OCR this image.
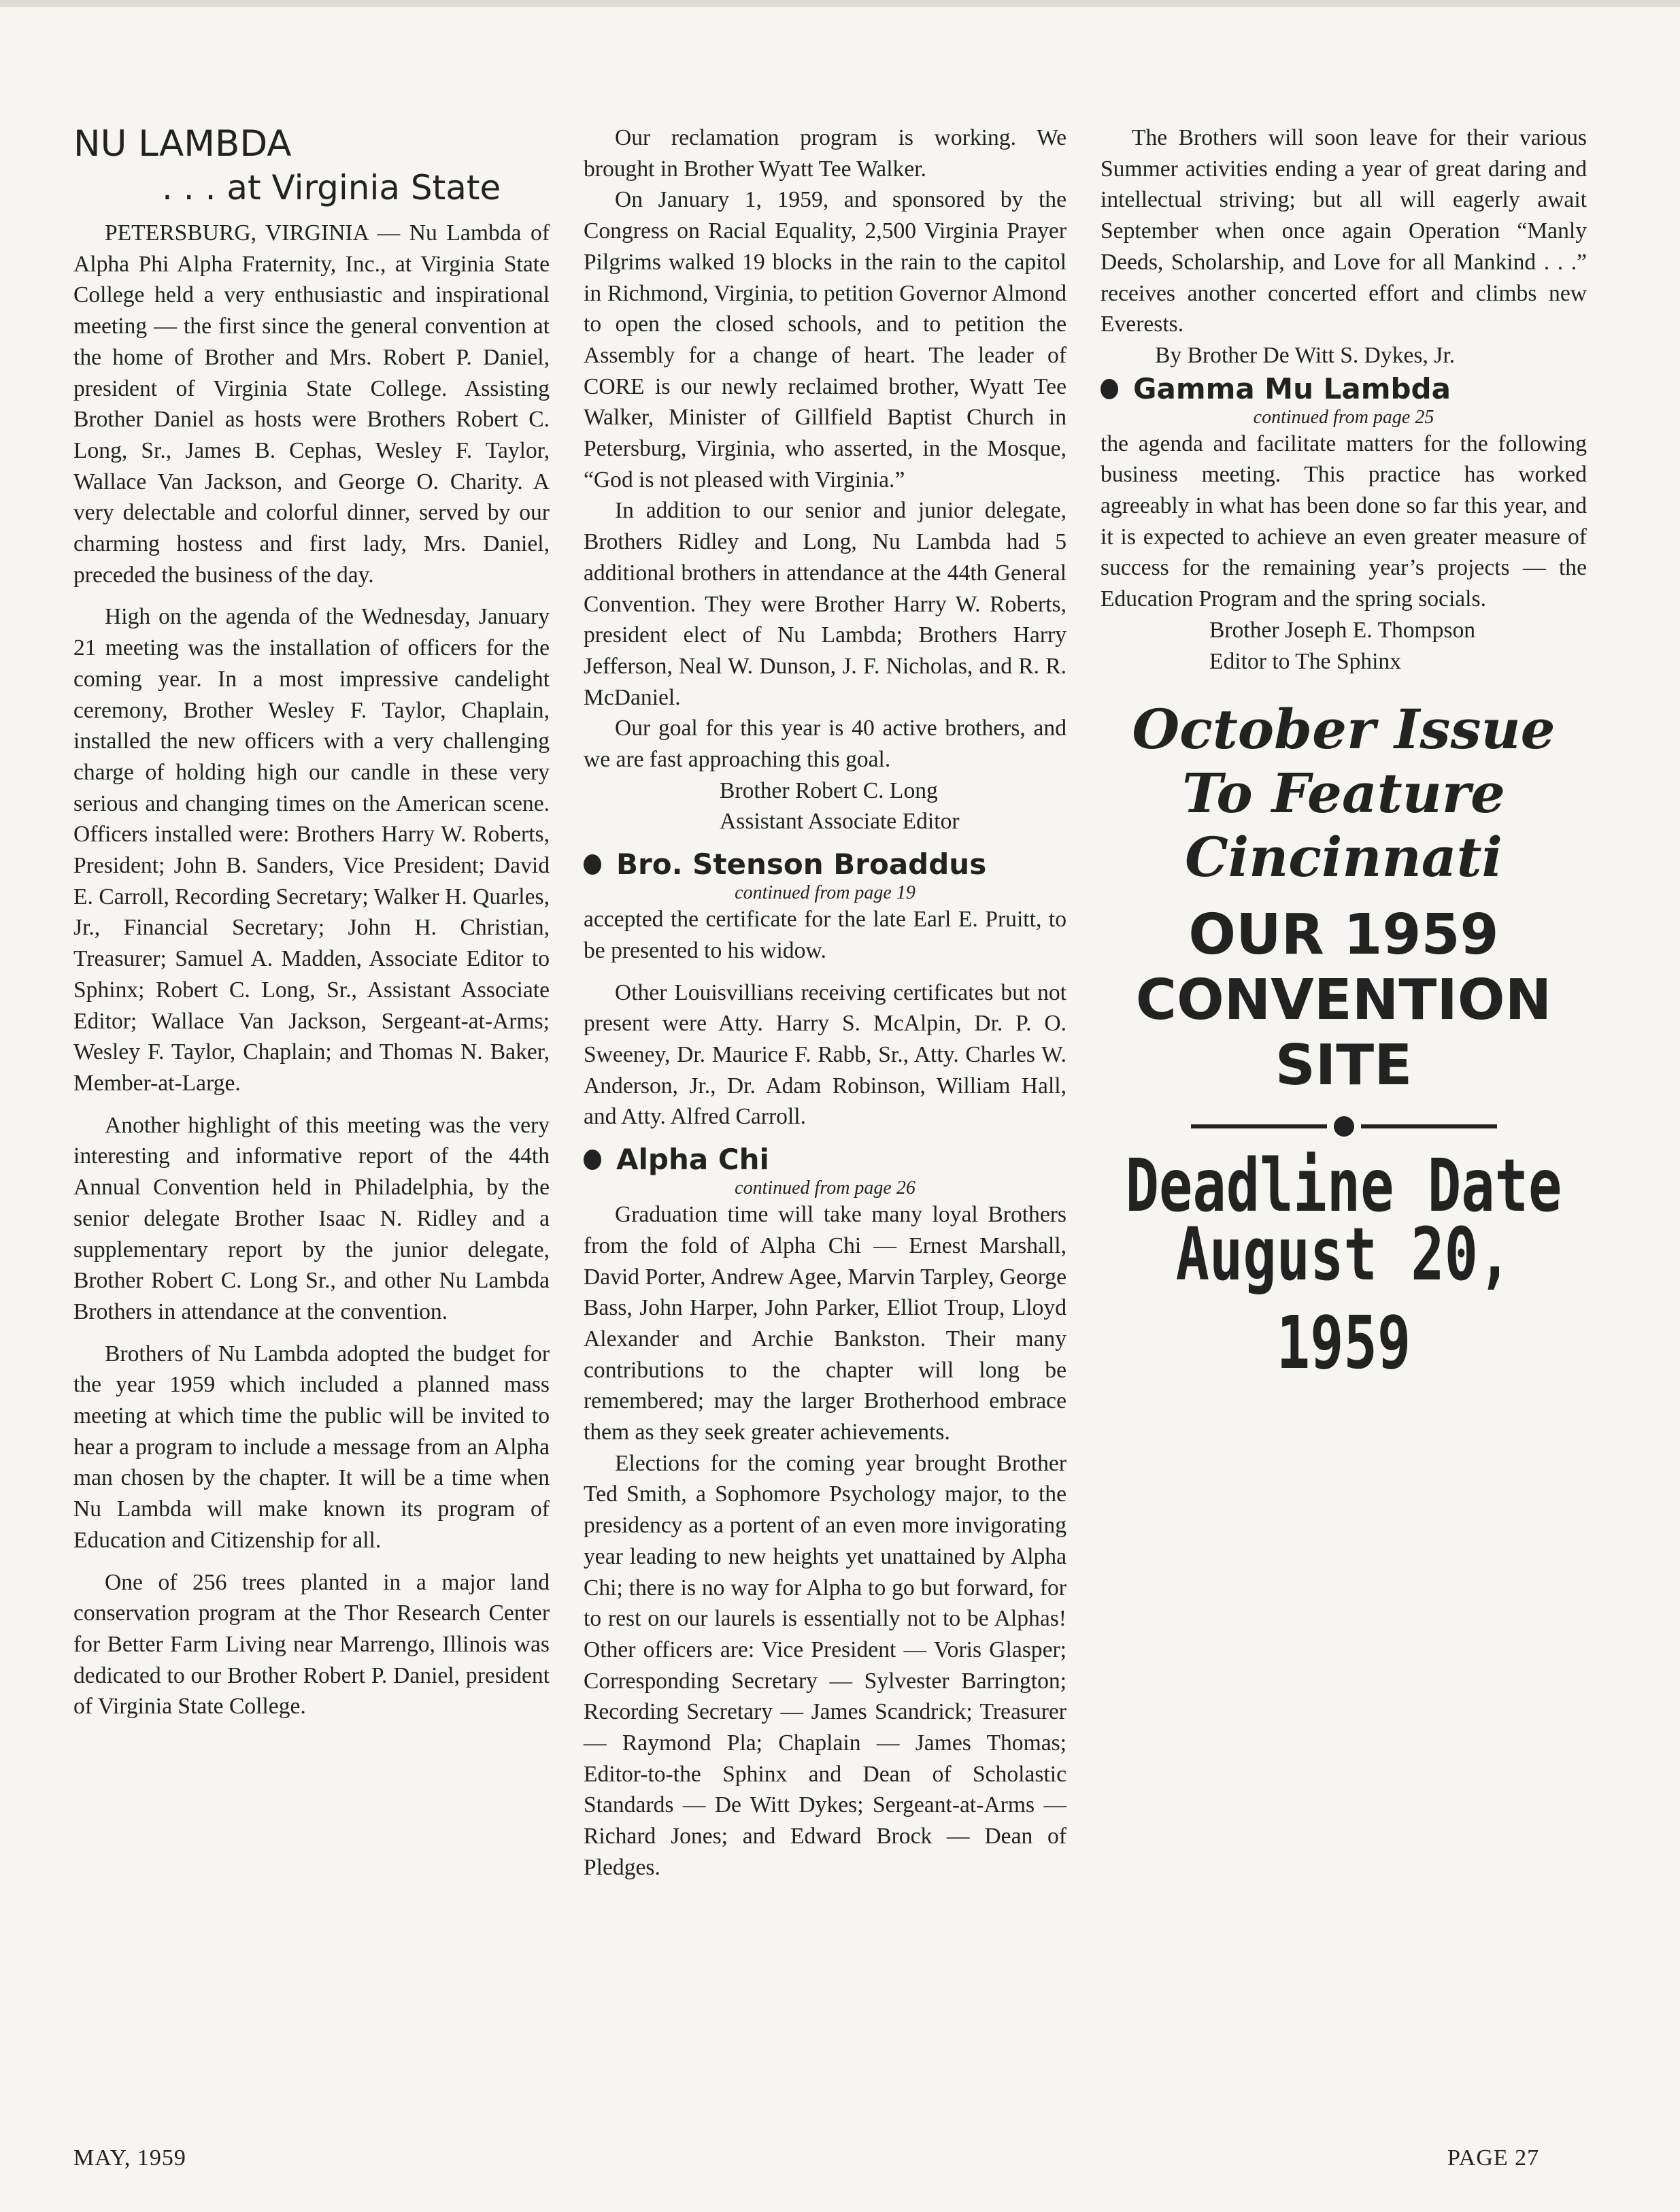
NU LAMBDA

. . . at Virginia State

PETERSBURG, VIRGINIA — Nu Lambda of Alpha Phi Alpha Fraternity, Inc., at Virginia State College held a very enthusiastic and inspirational meeting — the first since the general convention at the home of Brother and Mrs. Robert P. Daniel, president of Virginia State College. Assisting Brother Daniel as hosts were Brothers Robert C. Long, Sr., James B. Cephas, Wesley F. Taylor, Wallace Van Jackson, and George O. Charity. A very delectable and colorful dinner, served by our charming hostess and first lady, Mrs. Daniel, preceded the business of the day.

High on the agenda of the Wednesday, January 21 meeting was the installation of officers for the coming year. In a most impressive candelight ceremony, Brother Wesley F. Taylor, Chaplain, installed the new officers with a very challenging charge of holding high our candle in these very serious and changing times on the American scene. Officers installed were: Brothers Harry W. Roberts, President; John B. Sanders, Vice President; David E. Carroll, Recording Secretary; Walker H. Quarles, Jr., Financial Secretary; John H. Christian, Treasurer; Samuel A. Madden, Associate Editor to Sphinx; Robert C. Long, Sr., Assistant Associate Editor; Wallace Van Jackson, Sergeant-at-Arms; Wesley F. Taylor, Chaplain; and Thomas N. Baker, Member-at-Large.

Another highlight of this meeting was the very interesting and informative report of the 44th Annual Convention held in Philadelphia, by the senior delegate Brother Isaac N. Ridley and a supplementary report by the junior delegate, Brother Robert C. Long Sr., and other Nu Lambda Brothers in attendance at the convention.

Brothers of Nu Lambda adopted the budget for the year 1959 which included a planned mass meeting at which time the public will be invited to hear a program to include a message from an Alpha man chosen by the chapter. It will be a time when Nu Lambda will make known its program of Education and Citizenship for all.

One of 256 trees planted in a major land conservation program at the Thor Research Center for Better Farm Living near Marrengo, Illinois was dedicated to our Brother Robert P. Daniel, president of Virginia State College.

Our reclamation program is working. We brought in Brother Wyatt Tee Walker.

On January 1, 1959, and sponsored by the Congress on Racial Equality, 2,500 Virginia Prayer Pilgrims walked 19 blocks in the rain to the capitol in Richmond, Virginia, to petition Governor Almond to open the closed schools, and to petition the Assembly for a change of heart. The leader of CORE is our newly reclaimed brother, Wyatt Tee Walker, Minister of Gillfield Baptist Church in Petersburg, Virginia, who asserted, in the Mosque, “God is not pleased with Virginia.”

In addition to our senior and junior delegate, Brothers Ridley and Long, Nu Lambda had 5 additional brothers in attendance at the 44th General Convention. They were Brother Harry W. Roberts, president elect of Nu Lambda; Brothers Harry Jefferson, Neal W. Dunson, J. F. Nicholas, and R. R. McDaniel.

Our goal for this year is 40 active brothers, and we are fast approaching this goal.

Brother Robert C. Long

Assistant Associate Editor

Bro. Stenson Broaddus

continued from page 19

accepted the certificate for the late Earl E. Pruitt, to be presented to his widow.

Other Louisvillians receiving certificates but not present were Atty. Harry S. McAlpin, Dr. P. O. Sweeney, Dr. Maurice F. Rabb, Sr., Atty. Charles W. Anderson, Jr., Dr. Adam Robinson, William Hall, and Atty. Alfred Carroll.

Alpha Chi

continued from page 26

Graduation time will take many loyal Brothers from the fold of Alpha Chi — Ernest Marshall, David Porter, Andrew Agee, Marvin Tarpley, George Bass, John Harper, John Parker, Elliot Troup, Lloyd Alexander and Archie Bankston. Their many contributions to the chapter will long be remembered; may the larger Brotherhood embrace them as they seek greater achievements.

Elections for the coming year brought Brother Ted Smith, a Sophomore Psychology major, to the presidency as a portent of an even more invigorating year leading to new heights yet unattained by Alpha Chi; there is no way for Alpha to go but forward, for to rest on our laurels is essentially not to be Alphas! Other officers are: Vice President — Voris Glasper; Corresponding Secretary — Sylvester Barrington; Recording Secretary — James Scandrick; Treasurer — Raymond Pla; Chaplain — James Thomas; Editor-to-the Sphinx and Dean of Scholastic Standards — De Witt Dykes; Sergeant-at-Arms — Richard Jones; and Edward Brock — Dean of Pledges.

The Brothers will soon leave for their various Summer activities ending a year of great daring and intellectual striving; but all will eagerly await September when once again Operation “Manly Deeds, Scholarship, and Love for all Mankind . . .” receives another concerted effort and climbs new Everests.

By Brother De Witt S. Dykes, Jr.

Gamma Mu Lambda

continued from page 25

the agenda and facilitate matters for the following business meeting. This practice has worked agreeably in what has been done so far this year, and it is expected to achieve an even greater measure of success for the remaining year’s projects — the Education Program and the spring socials.

Brother Joseph E. Thompson

Editor to The Sphinx

October Issue

To Feature

Cincinnati

OUR 1959

CONVENTION

SITE

Deadline Date

August 20, 1959

MAY, 1959	PAGE 27
